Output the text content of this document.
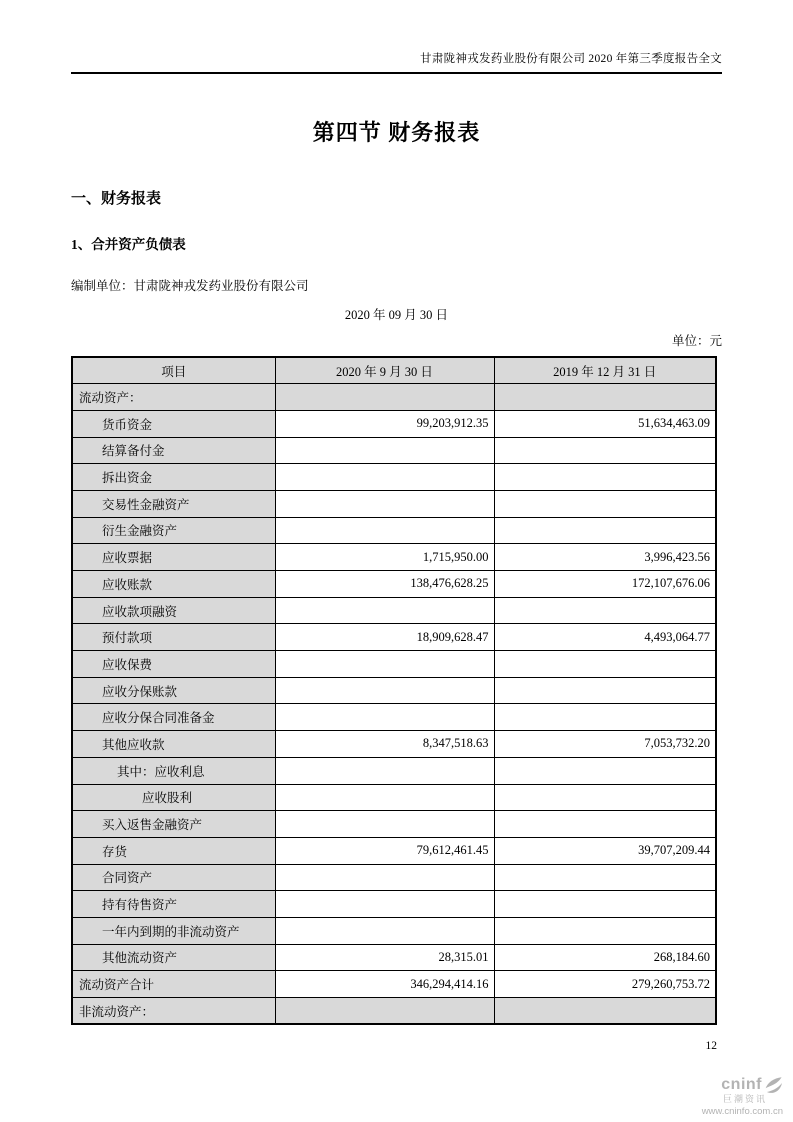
甘肃陇神戎发药业股份有限公司 2020 年第三季度报告全文
第四节 财务报表
一、财务报表
1、合并资产负债表
编制单位：甘肃陇神戎发药业股份有限公司
2020 年 09 月 30 日
单位：元
项目	2020 年 9 月 30 日	2019 年 12 月 31 日
流动资产：		
货币资金	99,203,912.35	51,634,463.09
结算备付金		
拆出资金		
交易性金融资产		
衍生金融资产		
应收票据	1,715,950.00	3,996,423.56
应收账款	138,476,628.25	172,107,676.06
应收款项融资		
预付款项	18,909,628.47	4,493,064.77
应收保费		
应收分保账款		
应收分保合同准备金		
其他应收款	8,347,518.63	7,053,732.20
其中：应收利息		
应收股利		
买入返售金融资产		
存货	79,612,461.45	39,707,209.44
合同资产		
持有待售资产		
一年内到期的非流动资产		
其他流动资产	28,315.01	268,184.60
流动资产合计	346,294,414.16	279,260,753.72
非流动资产：		
12
cninf
巨潮资讯
www.cninfo.com.cn
